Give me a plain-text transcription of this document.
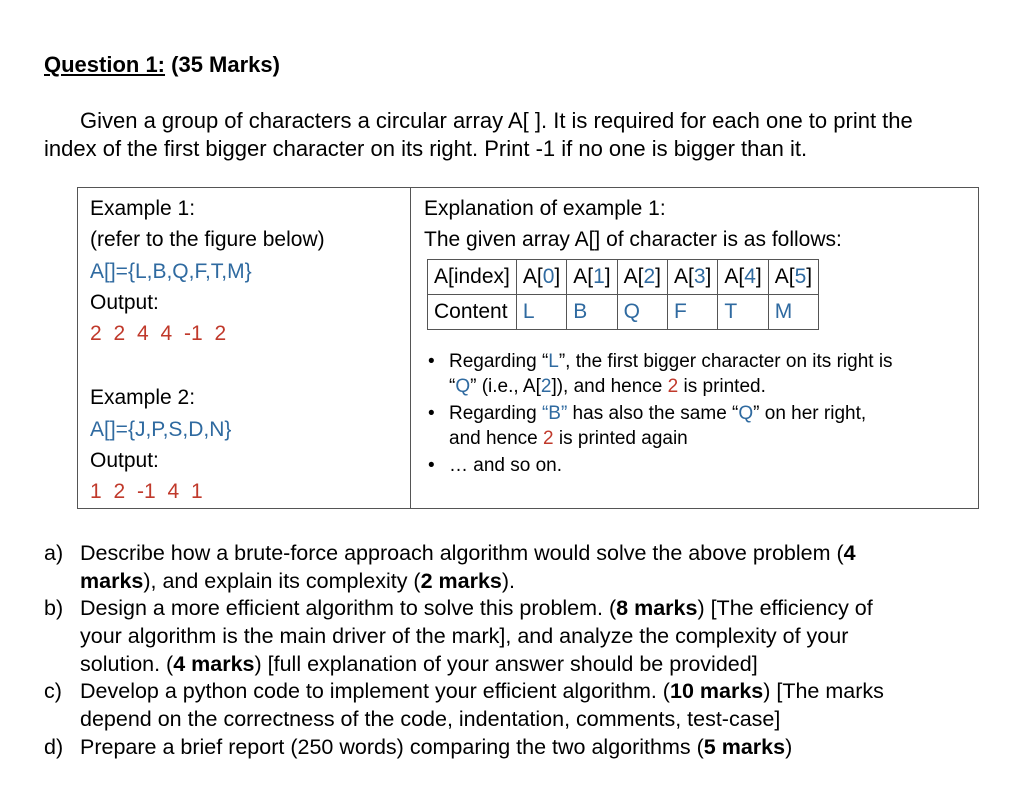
Question 1: (35 Marks)
Given a group of characters a circular array A[ ]. It is required for each one to print the
index of the first bigger character on its right. Print -1 if no one is bigger than it.
Example 1:
(refer to the figure below)
A[]={L,B,Q,F,T,M}
Output:
2 2 4 4 -1 2
Example 2:
A[]={J,P,S,D,N}
Output:
1 2 -1 4 1
Explanation of example 1:
The given array A[] of character is as follows:
A[index]	A[0]	A[1]	A[2]	A[3]	A[4]	A[5]
Content	L	B	Q	F	T	M
• Regarding “L”, the first bigger character on its right is
“Q” (i.e., A[2]), and hence 2 is printed.
• Regarding “B” has also the same “Q” on her right,
and hence 2 is printed again
• … and so on.
a) Describe how a brute-force approach algorithm would solve the above problem (4
marks), and explain its complexity (2 marks).
b) Design a more efficient algorithm to solve this problem. (8 marks) [The efficiency of
your algorithm is the main driver of the mark], and analyze the complexity of your
solution. (4 marks) [full explanation of your answer should be provided]
c) Develop a python code to implement your efficient algorithm. (10 marks) [The marks
depend on the correctness of the code, indentation, comments, test-case]
d) Prepare a brief report (250 words) comparing the two algorithms (5 marks)
